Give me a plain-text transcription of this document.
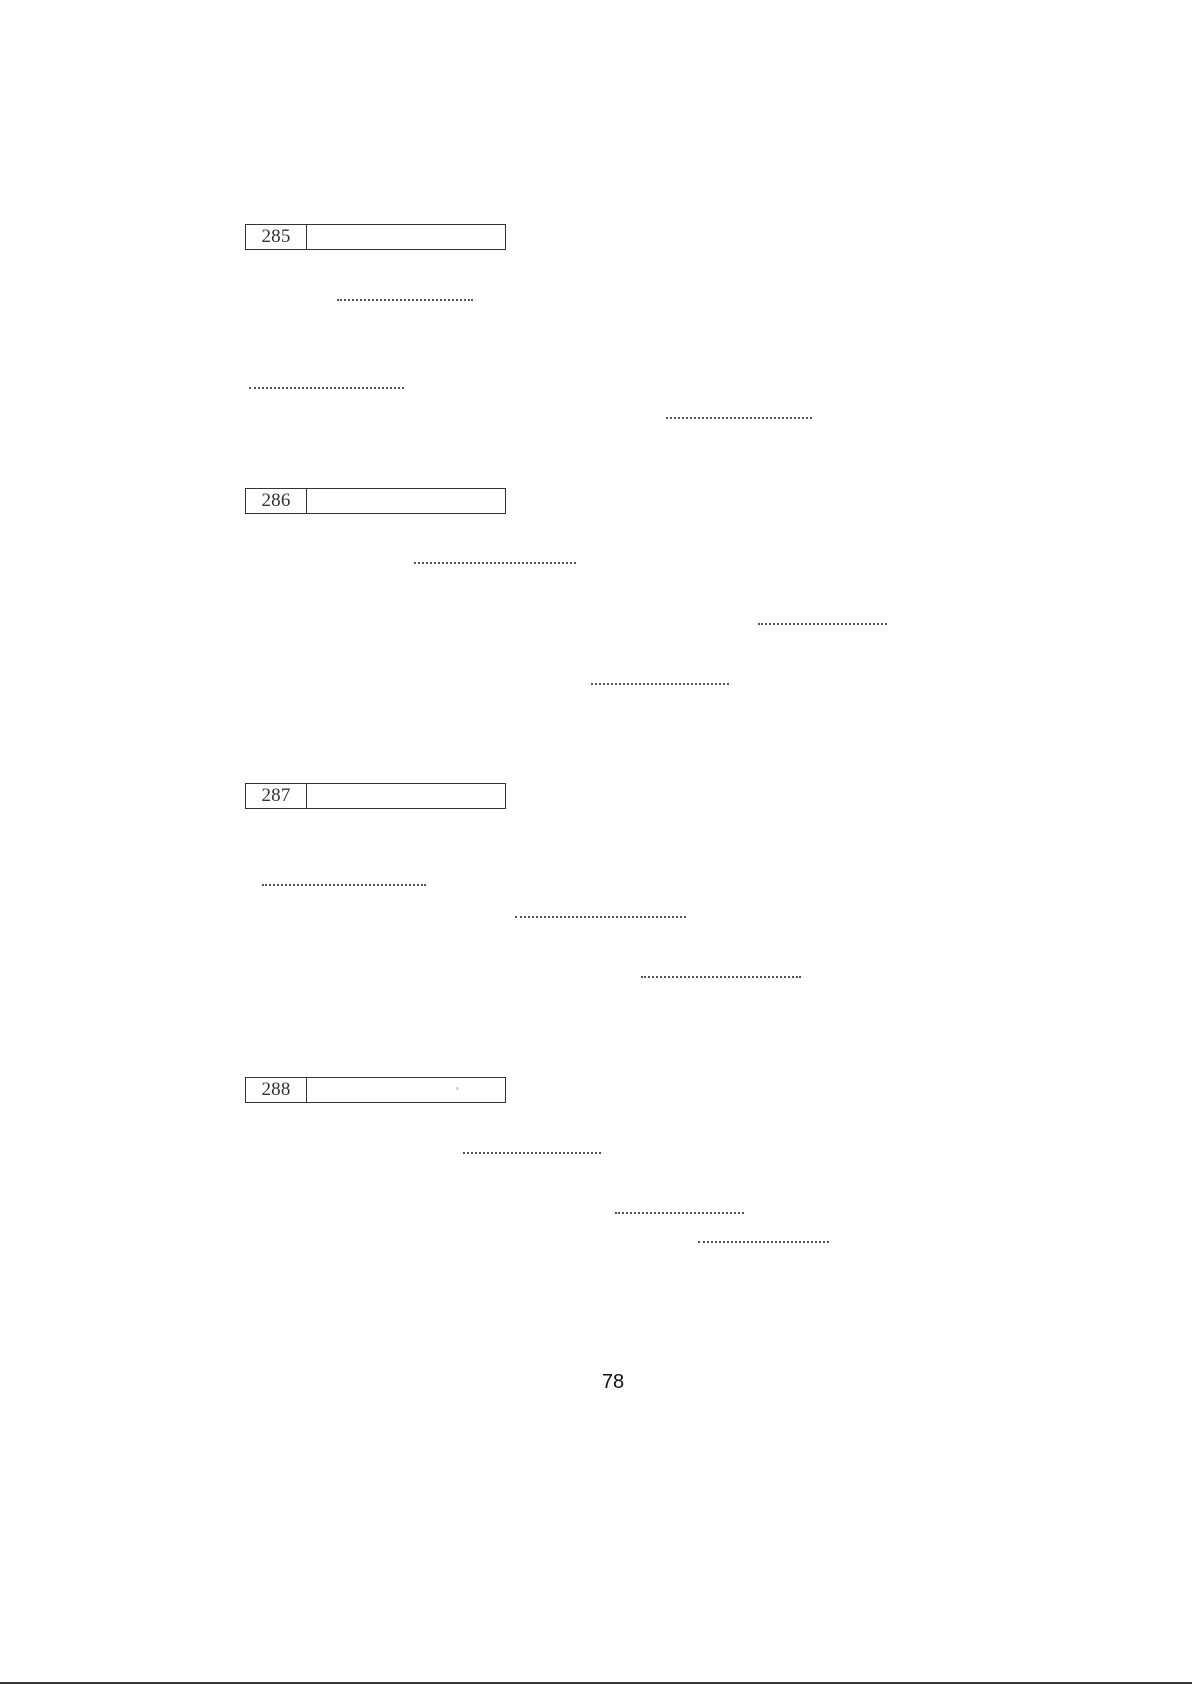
285
286
287
288
78
